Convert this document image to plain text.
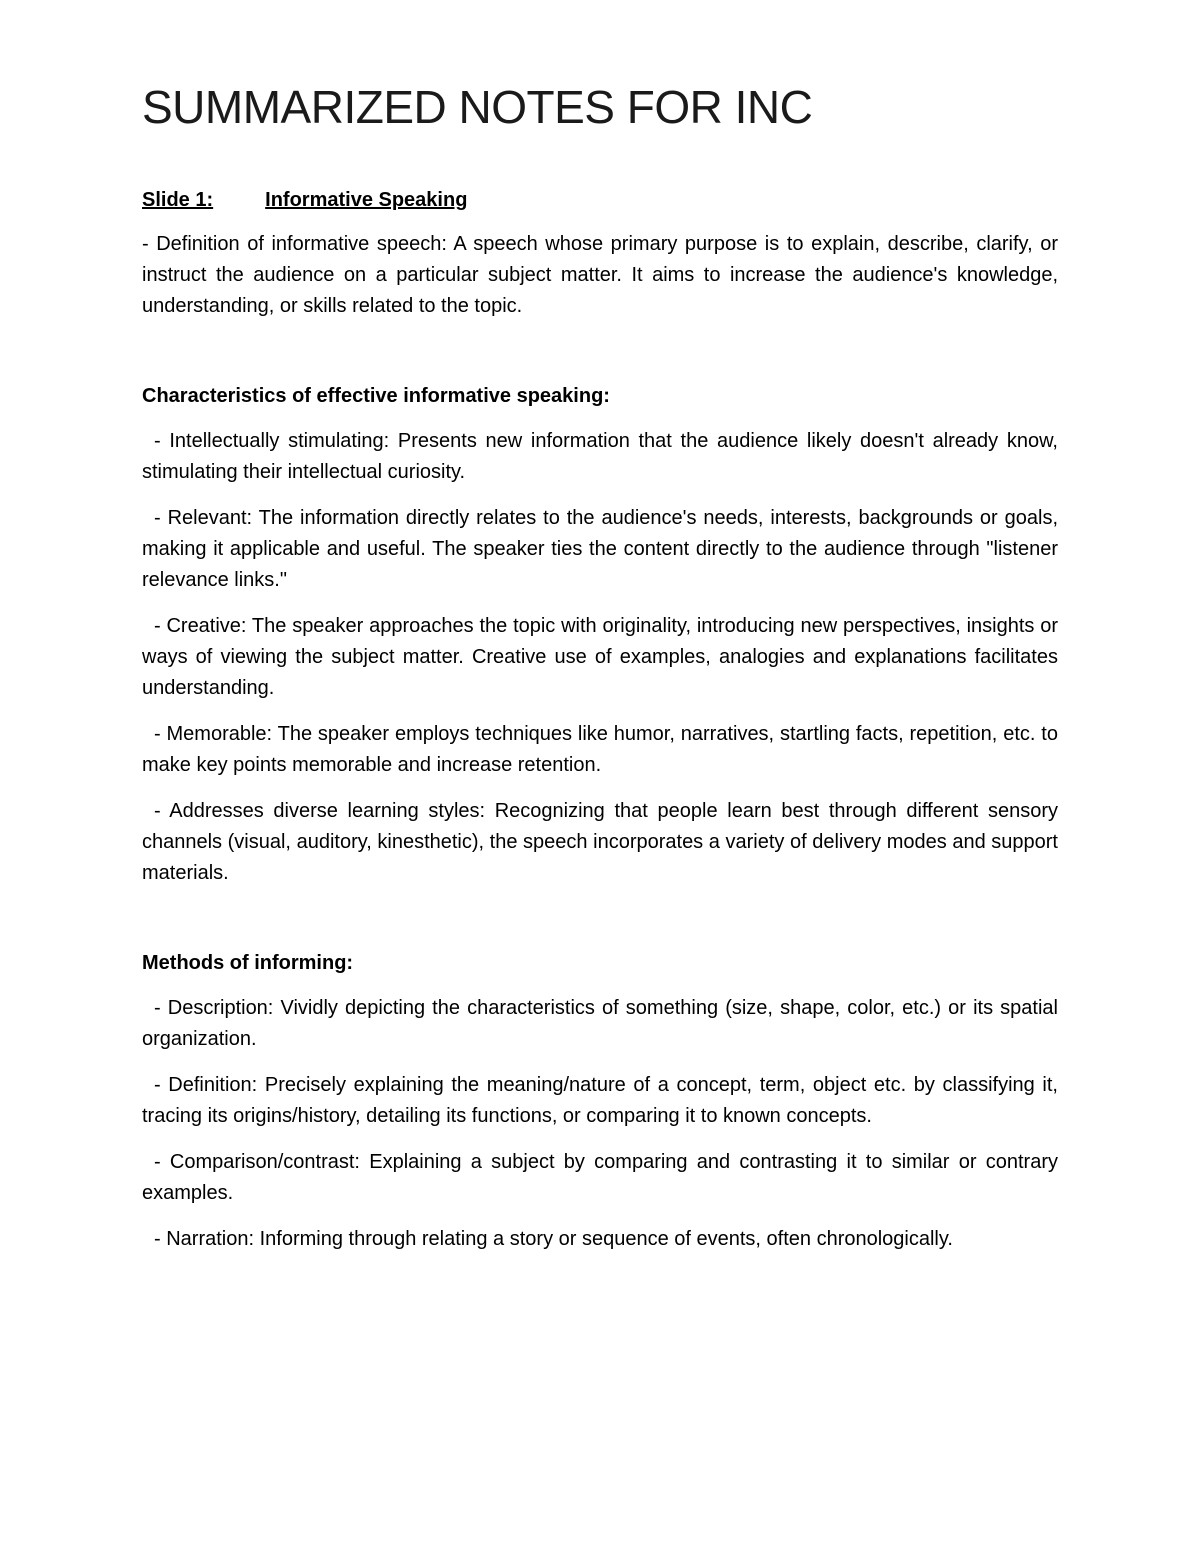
SUMMARIZED NOTES FOR INC
Slide 1:	Informative Speaking

- Definition of informative speech: A speech whose primary purpose is to explain, describe, clarify, or instruct the audience on a particular subject matter. It aims to increase the audience's knowledge, understanding, or skills related to the topic.

Characteristics of effective informative speaking:

- Intellectually stimulating: Presents new information that the audience likely doesn't already know, stimulating their intellectual curiosity.

- Relevant: The information directly relates to the audience's needs, interests, backgrounds or goals, making it applicable and useful. The speaker ties the content directly to the audience through "listener relevance links."

- Creative: The speaker approaches the topic with originality, introducing new perspectives, insights or ways of viewing the subject matter. Creative use of examples, analogies and explanations facilitates understanding.

- Memorable: The speaker employs techniques like humor, narratives, startling facts, repetition, etc. to make key points memorable and increase retention.

- Addresses diverse learning styles: Recognizing that people learn best through different sensory channels (visual, auditory, kinesthetic), the speech incorporates a variety of delivery modes and support materials.

Methods of informing:

- Description: Vividly depicting the characteristics of something (size, shape, color, etc.) or its spatial organization.

- Definition: Precisely explaining the meaning/nature of a concept, term, object etc. by classifying it, tracing its origins/history, detailing its functions, or comparing it to known concepts.

- Comparison/contrast: Explaining a subject by comparing and contrasting it to similar or contrary examples.

- Narration: Informing through relating a story or sequence of events, often chronologically.
